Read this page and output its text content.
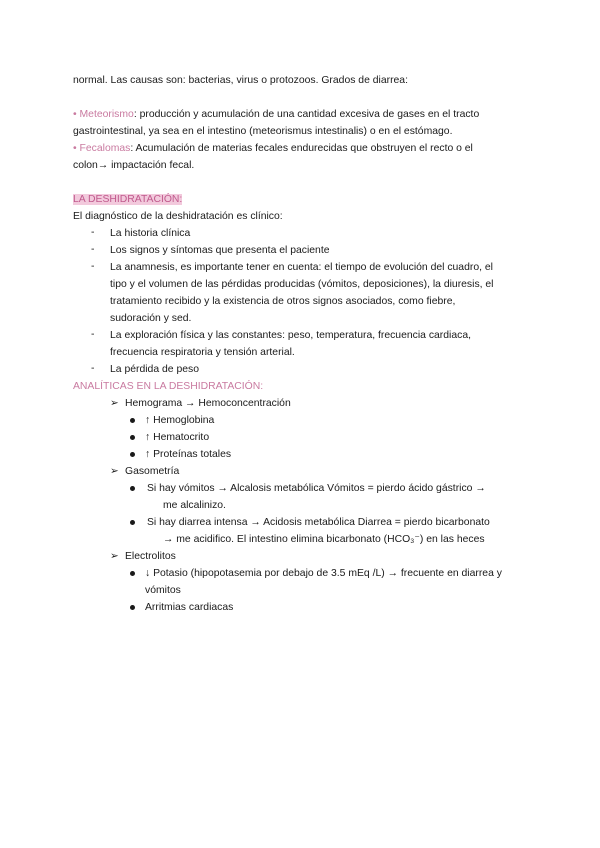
normal. Las causas son: bacterias, virus o protozoos. Grados de diarrea:
• Meteorismo: producción y acumulación de una cantidad excesiva de gases en el tracto
gastrointestinal, ya sea en el intestino (meteorismus intestinalis) o en el estómago.
• Fecalomas: Acumulación de materias fecales endurecidas que obstruyen el recto o el
colon→ impactación fecal.
LA DESHIDRATACIÓN:
El diagnóstico de la deshidratación es clínico:
- La historia clínica
- Los signos y síntomas que presenta el paciente
- La anamnesis, es importante tener en cuenta: el tiempo de evolución del cuadro, el
tipo y el volumen de las pérdidas producidas (vómitos, deposiciones), la diuresis, el
tratamiento recibido y la existencia de otros signos asociados, como fiebre,
sudoración y sed.
- La exploración física y las constantes: peso, temperatura, frecuencia cardiaca,
frecuencia respiratoria y tensión arterial.
- La pérdida de peso
ANALÍTICAS EN LA DESHIDRATACIÓN:
➢ Hemograma → Hemoconcentración
↑ Hemoglobina
↑ Hematocrito
↑ Proteínas totales
➢ Gasometría
Si hay vómitos → Alcalosis metabólica Vómitos = pierdo ácido gástrico →
me alcalinizo.
Si hay diarrea intensa → Acidosis metabólica Diarrea = pierdo bicarbonato
→ me acidifico. El intestino elimina bicarbonato (HCO₃⁻) en las heces
➢ Electrolitos
↓ Potasio (hipopotasemia por debajo de 3.5 mEq /L) → frecuente en diarrea y
vómitos
Arritmias cardiacas
